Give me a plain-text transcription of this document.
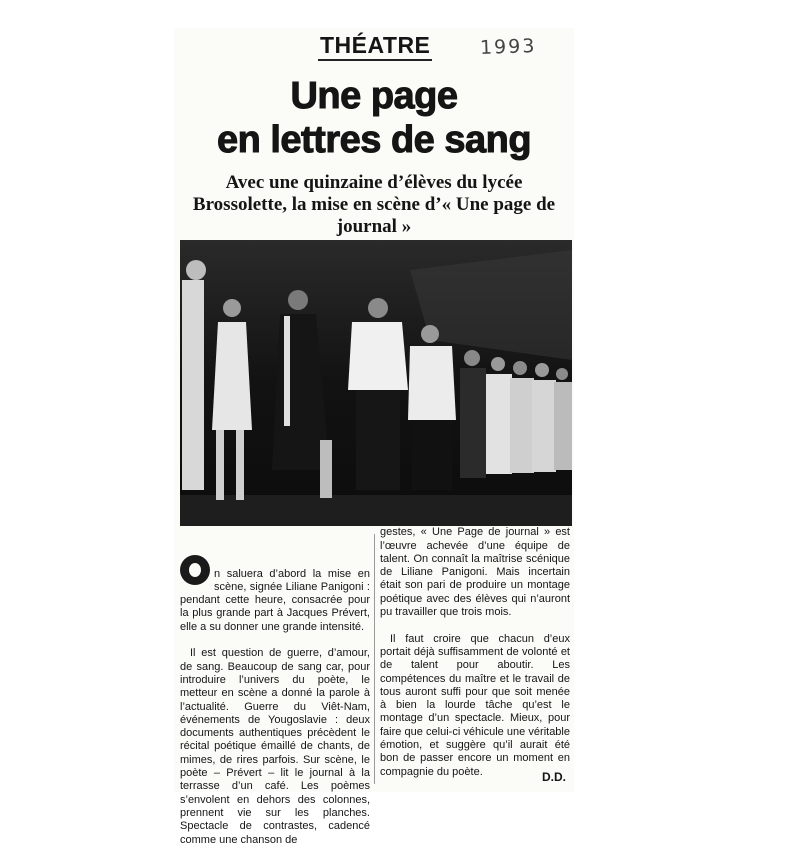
THÉATRE	1993
Une page
en lettres de sang
Avec une quinzaine d’élèves du lycée Brossolette, la mise en scène d’« Une page de journal »

n saluera d’abord la mise en scène, signée Liliane Panigoni : pendant cette heure, consacrée pour la plus grande part à Jacques Prévert, elle a su donner une grande intensité.

Il est question de guerre, d’amour, de sang. Beaucoup de sang car, pour introduire l’univers du poète, le metteur en scène a donné la parole à l’actualité. Guerre du Viêt-Nam, événements de Yougoslavie : deux documents authentiques précèdent le récital poétique émaillé de chants, de mimes, de rires parfois. Sur scène, le poète – Prévert – lit le journal à la terrasse d’un café. Les poèmes s’envolent en dehors des colonnes, prennent vie sur les planches. Spectacle de contrastes, cadencé comme une chanson de

gestes, « Une Page de journal » est l’œuvre achevée d’une équipe de talent. On connaît la maîtrise scénique de Liliane Panigoni. Mais incertain était son pari de produire un montage poétique avec des élèves qui n’auront pu travailler que trois mois.

Il faut croire que chacun d’eux portait déjà suffisamment de volonté et de talent pour aboutir. Les compétences du maître et le travail de tous auront suffi pour que soit menée à bien la lourde tâche qu’est le montage d’un spectacle. Mieux, pour faire que celui-ci véhicule une véritable émotion, et suggère qu’il aurait été bon de passer encore un moment en compagnie du poète.	D.D.
